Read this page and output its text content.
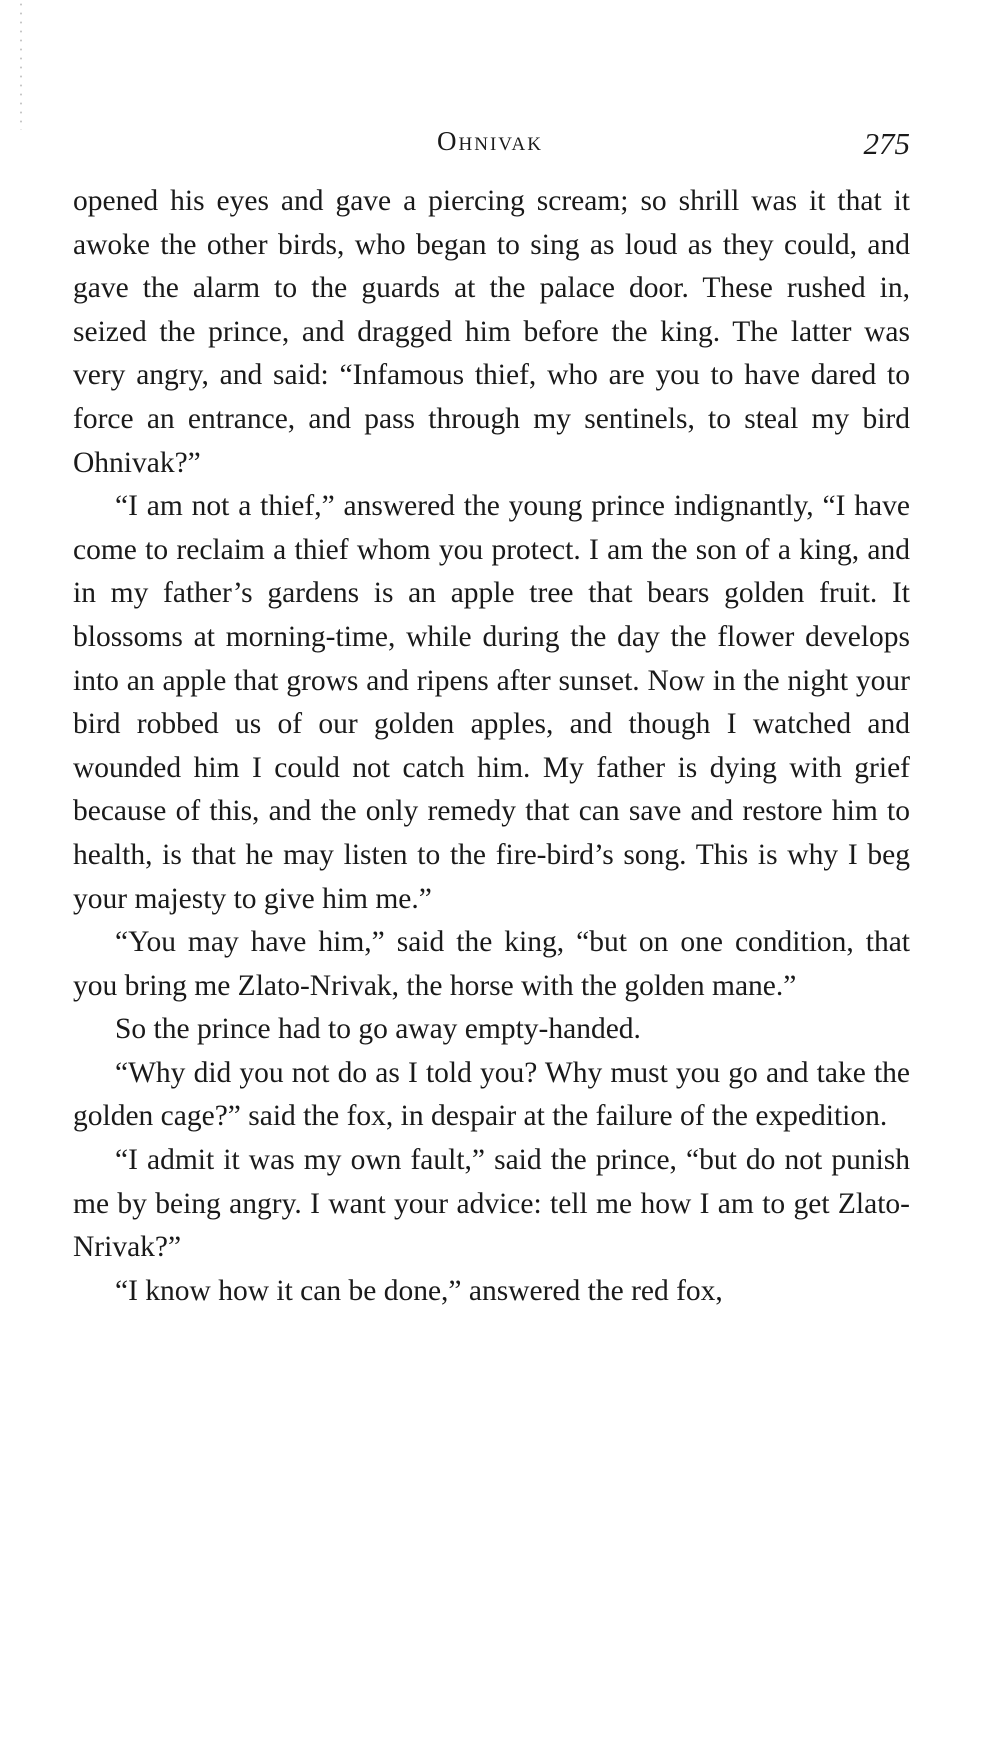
Ohnivak	275

opened his eyes and gave a piercing scream; so shrill was it that it awoke the other birds, who began to sing as loud as they could, and gave the alarm to the guards at the palace door. These rushed in, seized the prince, and dragged him before the king. The latter was very angry, and said: “Infamous thief, who are you to have dared to force an entrance, and pass through my sentinels, to steal my bird Ohnivak?”

“I am not a thief,” answered the young prince indignantly, “I have come to reclaim a thief whom you protect. I am the son of a king, and in my father’s gardens is an apple tree that bears golden fruit. It blossoms at morning-time, while during the day the flower develops into an apple that grows and ripens after sunset. Now in the night your bird robbed us of our golden apples, and though I watched and wounded him I could not catch him. My father is dying with grief because of this, and the only remedy that can save and restore him to health, is that he may listen to the fire-bird’s song. This is why I beg your majesty to give him me.”

“You may have him,” said the king, “but on one condition, that you bring me Zlato-Nrivak, the horse with the golden mane.”

So the prince had to go away empty-handed.

“Why did you not do as I told you? Why must you go and take the golden cage?” said the fox, in despair at the failure of the expedition.

“I admit it was my own fault,” said the prince, “but do not punish me by being angry. I want your advice: tell me how I am to get Zlato-Nrivak?”

“I know how it can be done,” answered the red fox,
